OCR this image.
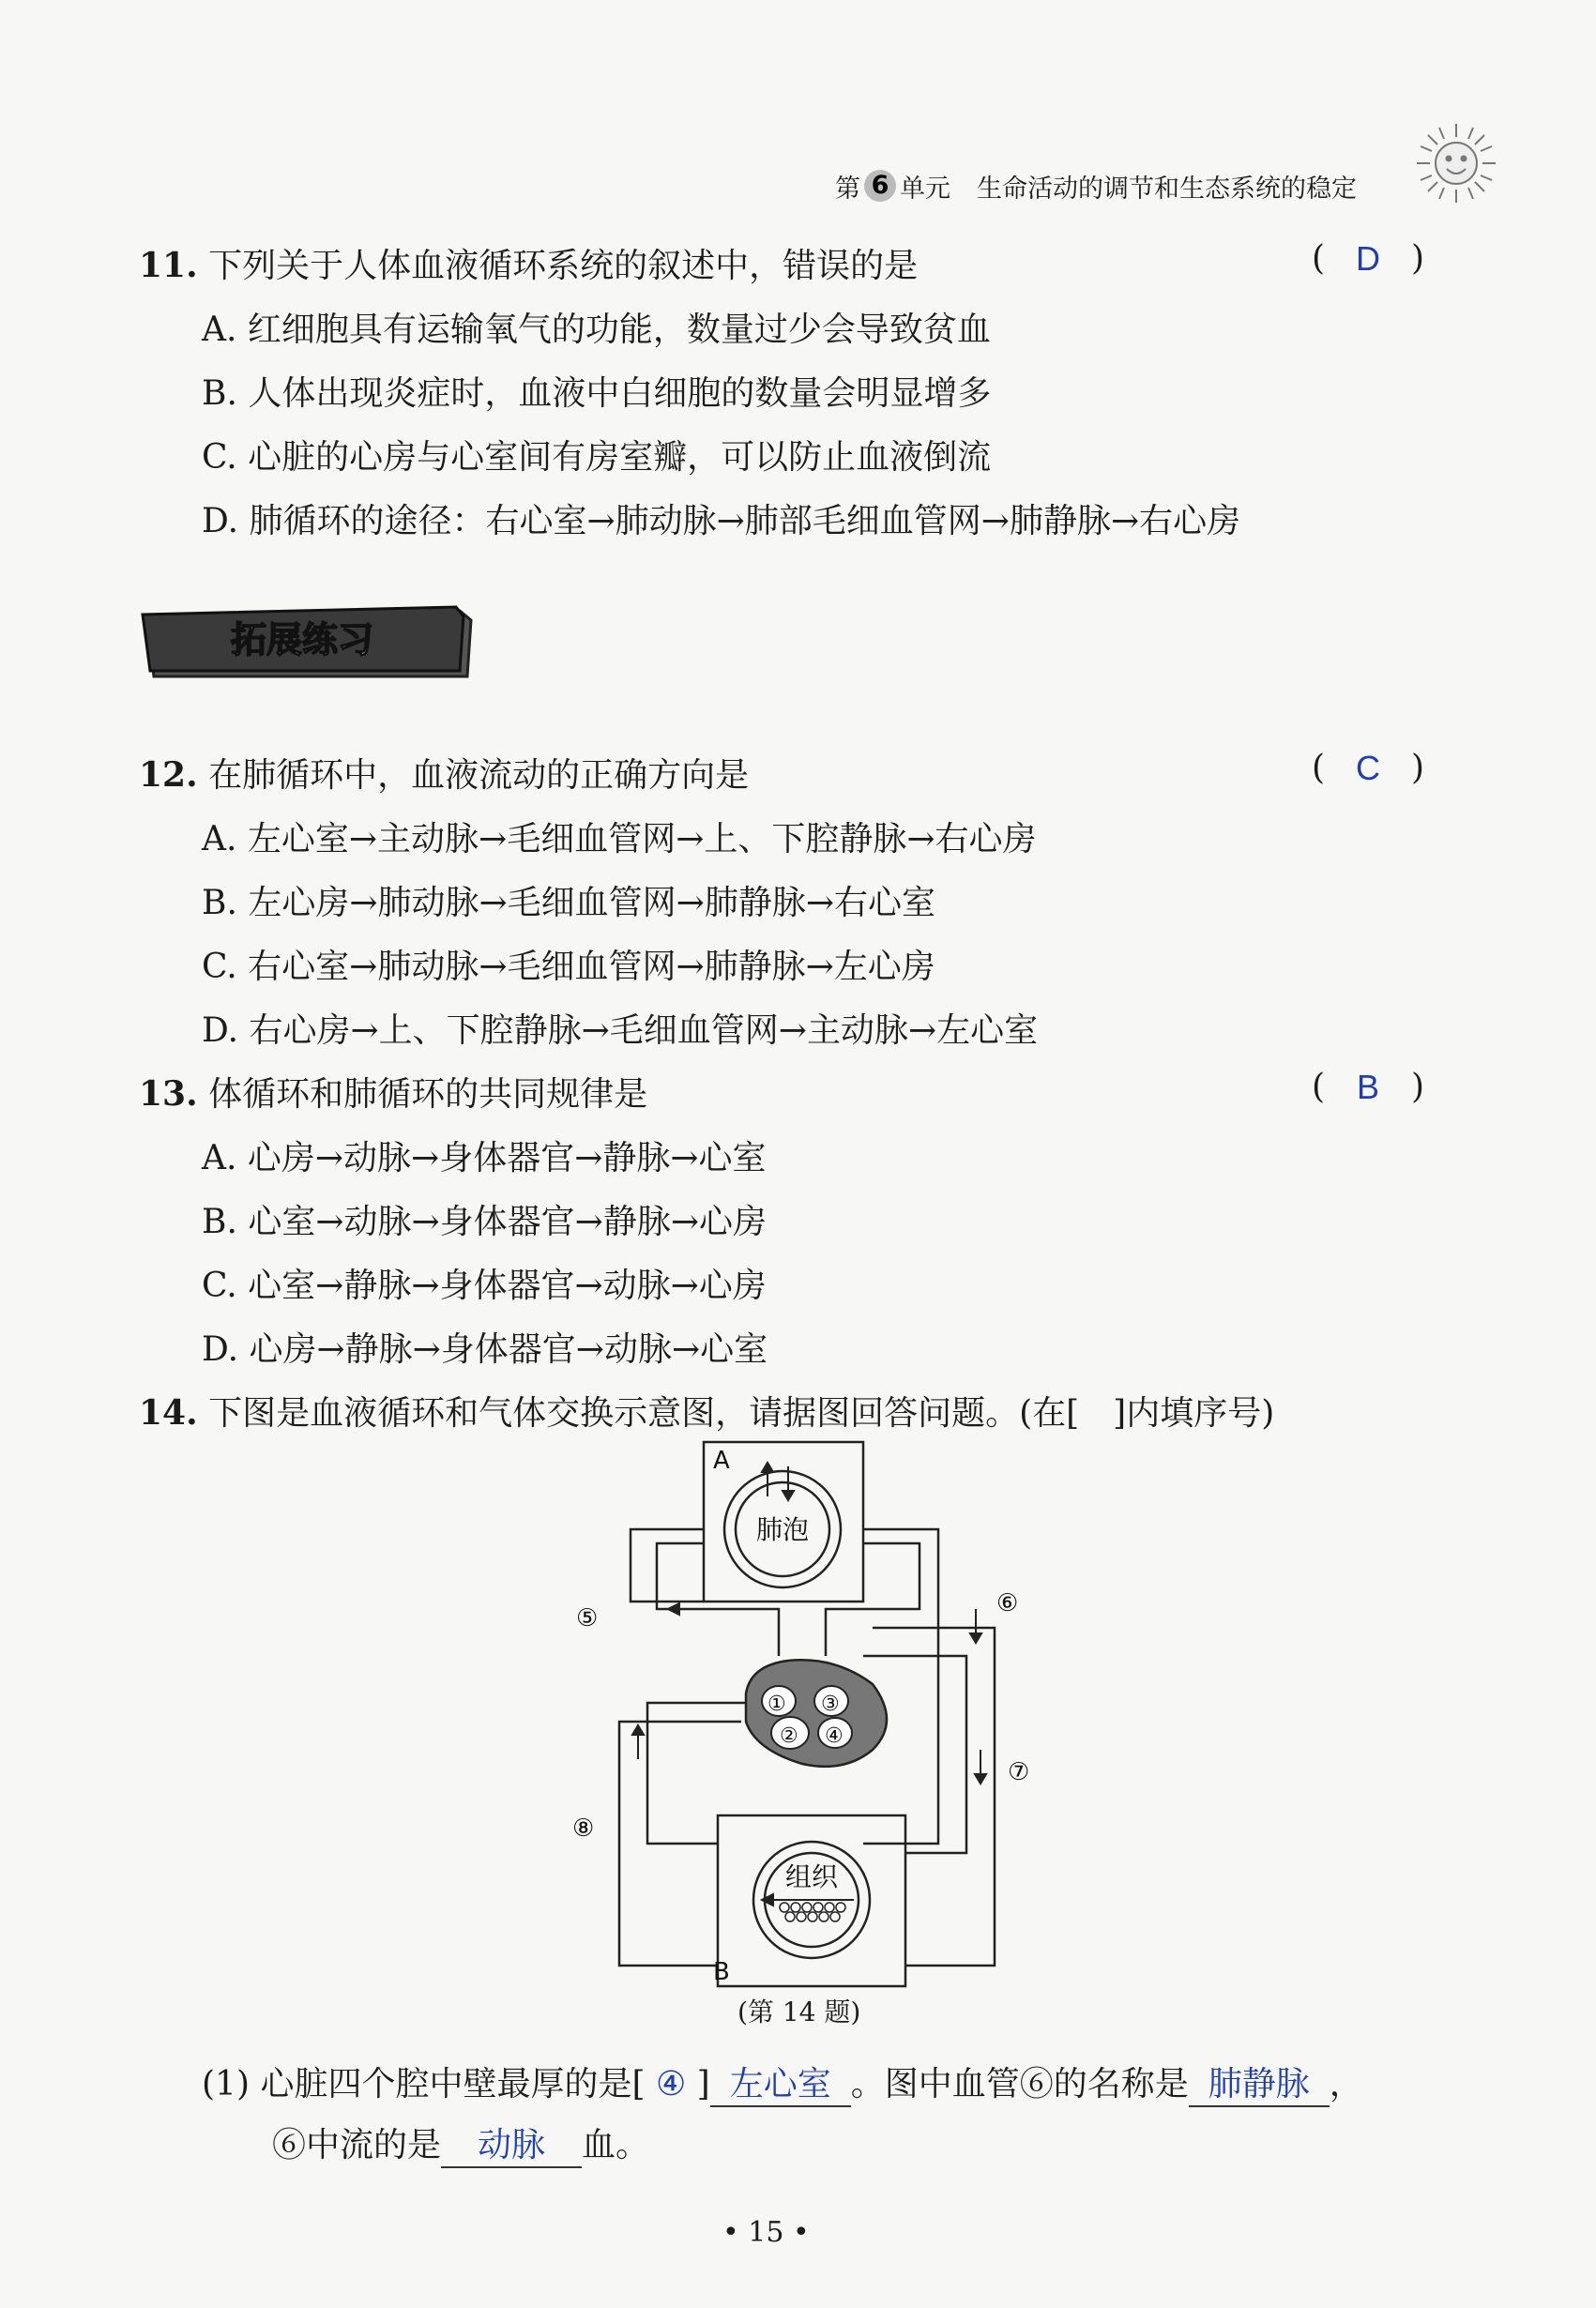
第 6 单元 生命活动的调节和生态系统的稳定
11. 下列关于人体血液循环系统的叙述中，错误的是	( D )
A. 红细胞具有运输氧气的功能，数量过少会导致贫血
B. 人体出现炎症时，血液中白细胞的数量会明显增多
C. 心脏的心房与心室间有房室瓣，可以防止血液倒流
D. 肺循环的途径：右心室→肺动脉→肺部毛细血管网→肺静脉→右心房
拓展练习
12. 在肺循环中，血液流动的正确方向是	( C )
A. 左心室→主动脉→毛细血管网→上、下腔静脉→右心房
B. 左心房→肺动脉→毛细血管网→肺静脉→右心室
C. 右心室→肺动脉→毛细血管网→肺静脉→左心房
D. 右心房→上、下腔静脉→毛细血管网→主动脉→左心室
13. 体循环和肺循环的共同规律是	( B )
A. 心房→动脉→身体器官→静脉→心室
B. 心室→动脉→身体器官→静脉→心房
C. 心室→静脉→身体器官→动脉→心房
D. 心房→静脉→身体器官→动脉→心室
14. 下图是血液循环和气体交换示意图，请据图回答问题。(在[　]内填序号)
A
B
肺泡
组织
①
②
③
④
⑤
⑥
⑦
⑧
(第 14 题)
(1) 心脏四个腔中壁最厚的是[ ④ ] 左心室 。图中血管⑥的名称是 肺静脉 ，
⑥中流的是 动脉 血。
• 15 •
